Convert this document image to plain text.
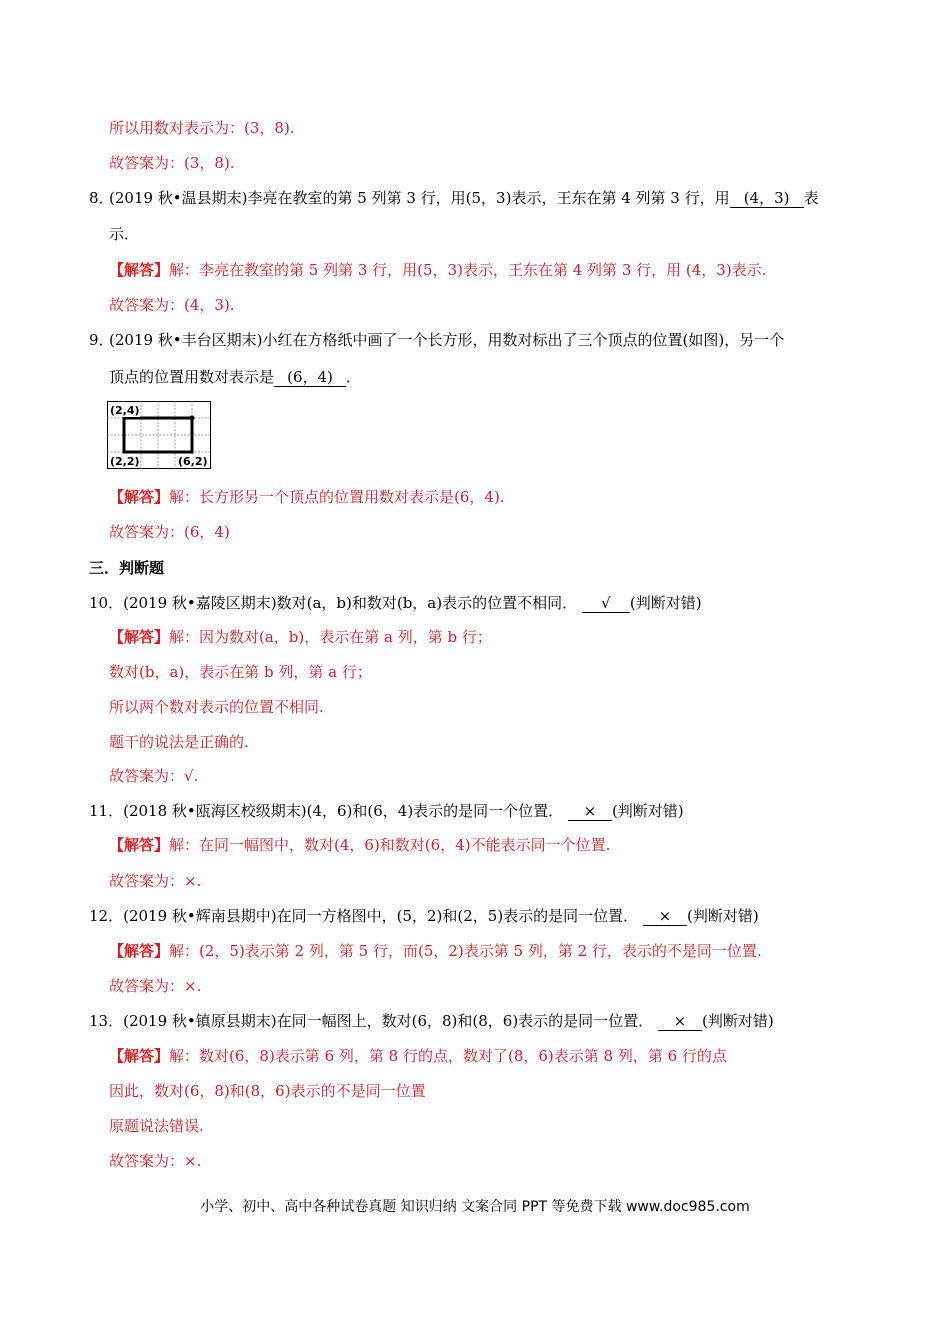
所以用数对表示为：(3，8).
故答案为：(3，8).
8．
(2019 秋•温县期末)李亮在教室的第 5 列第 3 行，用(5，3)表示，王东在第 4 列第 3 行，用 (4，3) 表
示．
【解答】解：李亮在教室的第 5 列第 3 行，用(5，3)表示，王东在第 4 列第 3 行，用 (4，3)表示.
故答案为：(4，3).
9．
(2019 秋•丰台区期末)小红在方格纸中画了一个长方形，用数对标出了三个顶点的位置(如图)，另一个
顶点的位置用数对表示是 (6，4) ．
(2,4)
(2,2)	(6,2)
【解答】解：长方形另一个顶点的位置用数对表示是(6，4).
故答案为：(6，4)
三．判断题
10．(2019 秋•嘉陵区期末)数对(a，b)和数对(b，a)表示的位置不相同． √ (判断对错)
【解答】解：因为数对(a，b)，表示在第 a 列，第 b 行；
数对(b，a)，表示在第 b 列，第 a 行；
所以两个数对表示的位置不相同.
题干的说法是正确的.
故答案为：√.
11．(2018 秋•瓯海区校级期末)(4，6)和(6，4)表示的是同一个位置． × (判断对错)
【解答】解：在同一幅图中，数对(4，6)和数对(6，4)不能表示同一个位置.
故答案为：×.
12．(2019 秋•辉南县期中)在同一方格图中，(5，2)和(2，5)表示的是同一位置． × (判断对错)
【解答】解：(2，5)表示第 2 列，第 5 行，而(5，2)表示第 5 列，第 2 行，表示的不是同一位置.
故答案为：×.
13．(2019 秋•镇原县期末)在同一幅图上，数对(6，8)和(8，6)表示的是同一位置． × (判断对错)
【解答】解：数对(6，8)表示第 6 列，第 8 行的点，数对了(8，6)表示第 8 列，第 6 行的点
因此，数对(6，8)和(8，6)表示的不是同一位置
原题说法错误.
故答案为：×.
小学、初中、高中各种试卷真题 知识归纳 文案合同 PPT 等免费下载 www.doc985.com
